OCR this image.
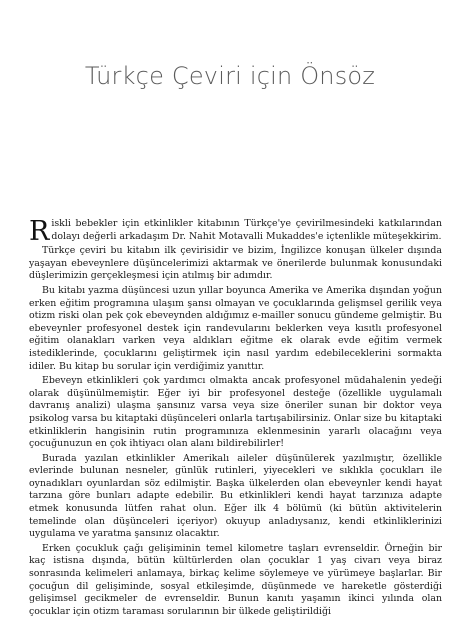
Türkçe Çeviri için Önsöz

Riskli bebekler için etkinlikler kitabının Türkçe'ye çevirilmesindeki katkılarından dolayı değerli arkadaşım Dr. Nahit Motavalli Mukaddes'e içtenlikle müteşekkirim.

Türkçe çeviri bu kitabın ilk çevirisidir ve bizim, İngilizce konuşan ülkeler dışında yaşayan ebeveynlere düşüncelerimizi aktarmak ve önerilerde bulunmak konusundaki düşlerimizin gerçekleşmesi için atılmış bir adımdır.

Bu kitabı yazma düşüncesi uzun yıllar boyunca Amerika ve Amerika dışından yoğun erken eğitim programına ulaşım şansı olmayan ve çocuklarında gelişmsel gerilik veya otizm riski olan pek çok ebeveynden aldığımız e-mailler sonucu gündeme gelmiştir. Bu ebeveynler profesyonel destek için randevularını beklerken veya kısıtlı profesyonel eğitim olanakları varken veya aldıkları eğitme ek olarak evde eğitim vermek istediklerinde, çocuklarını geliştirmek için nasıl yardım edebileceklerini sormakta idiler. Bu kitap bu sorular için verdiğimiz yanıttır.

Ebeveyn etkinlikleri çok yardımcı olmakta ancak profesyonel müdahalenin yedeği olarak düşünülmemiştir. Eğer iyi bir profesyonel desteğe (özellikle uygulamalı davranış analizi) ulaşma şansınız varsa veya size öneriler sunan bir doktor veya psikolog varsa bu kitaptaki düşünceleri onlarla tartışabilirsiniz. Onlar size bu kitaptaki etkinliklerin hangisinin rutin programınıza eklenmesinin yararlı olacağını veya çocuğunuzun en çok ihtiyacı olan alanı bildirebilirler!

Burada yazılan etkinlikler Amerikalı aileler düşünülerek yazılmıştır, özellikle evlerinde bulunan nesneler, günlük rutinleri, yiyecekleri ve sıklıkla çocukları ile oynadıkları oyunlardan söz edilmiştir. Başka ülkelerden olan ebeveynler kendi hayat tarzına göre bunları adapte edebilir. Bu etkinlikleri kendi hayat tarzınıza adapte etmek konusunda lütfen rahat olun. Eğer ilk 4 bölümü (ki bütün aktivitelerin temelinde olan düşünceleri içeriyor) okuyup anladıysanız, kendi etkinliklerinizi uygulama ve yaratma şansınız olacaktır.

Erken çocukluk çağı gelişiminin temel kilometre taşları evrenseldir. Örneğin bir kaç istisna dışında, bütün kültürlerden olan çocuklar 1 yaş civarı veya biraz sonrasında kelimeleri anlamaya, birkaç kelime söylemeye ve yürümeye başlarlar. Bir çocuğun dil gelişiminde, sosyal etkileşimde, düşünmede ve hareketle gösterdiği gelişimsel gecikmeler de evrenseldir. Bunun kanıtı yaşamın ikinci yılında olan çocuklar için otizm taraması sorularının bir ülkede geliştirildiği
